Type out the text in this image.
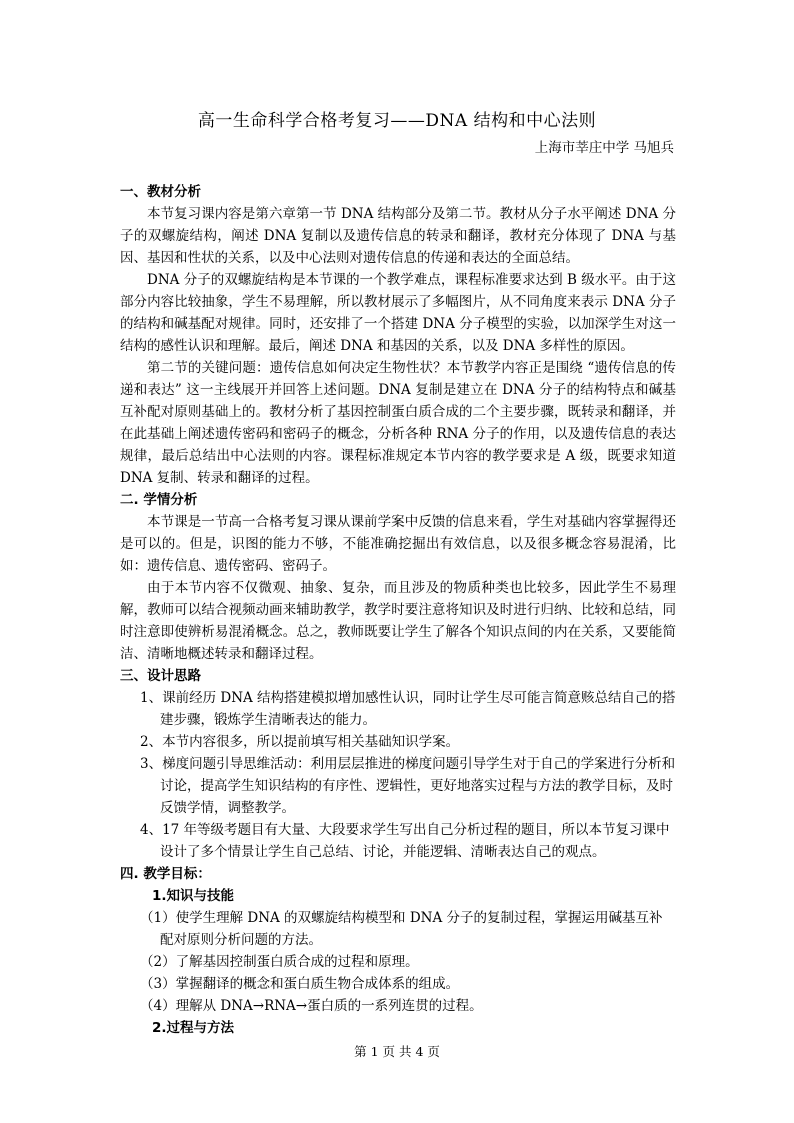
高一生命科学合格考复习——DNA 结构和中心法则
上海市莘庄中学 马旭兵
一、教材分析
本节复习课内容是第六章第一节 DNA 结构部分及第二节。教材从分子水平阐述 DNA 分子的双螺旋结构，阐述 DNA 复制以及遗传信息的转录和翻译，教材充分体现了 DNA 与基因、基因和性状的关系，以及中心法则对遗传信息的传递和表达的全面总结。
DNA 分子的双螺旋结构是本节课的一个教学难点，课程标准要求达到 B 级水平。由于这部分内容比较抽象，学生不易理解，所以教材展示了多幅图片，从不同角度来表示 DNA 分子的结构和碱基配对规律。同时，还安排了一个搭建 DNA 分子模型的实验，以加深学生对这一结构的感性认识和理解。最后，阐述 DNA 和基因的关系，以及 DNA 多样性的原因。
第二节的关键问题：遗传信息如何决定生物性状？本节教学内容正是围绕 “遗传信息的传递和表达” 这一主线展开并回答上述问题。DNA 复制是建立在 DNA 分子的结构特点和碱基互补配对原则基础上的。教材分析了基因控制蛋白质合成的二个主要步骤，既转录和翻译，并在此基础上阐述遗传密码和密码子的概念，分析各种 RNA 分子的作用，以及遗传信息的表达规律，最后总结出中心法则的内容。课程标准规定本节内容的教学要求是 A 级，既要求知道 DNA 复制、转录和翻译的过程。
二. 学情分析
本节课是一节高一合格考复习课从课前学案中反馈的信息来看，学生对基础内容掌握得还是可以的。但是，识图的能力不够，不能准确挖掘出有效信息，以及很多概念容易混淆，比如：遗传信息、遗传密码、密码子。
由于本节内容不仅微观、抽象、复杂，而且涉及的物质种类也比较多，因此学生不易理解，教师可以结合视频动画来辅助教学，教学时要注意将知识及时进行归纳、比较和总结，同时注意即使辨析易混淆概念。总之，教师既要让学生了解各个知识点间的内在关系，又要能简洁、清晰地概述转录和翻译过程。
三、设计思路
1、课前经历 DNA 结构搭建模拟增加感性认识，同时让学生尽可能言简意赅总结自己的搭建步骤，锻炼学生清晰表达的能力。
2、本节内容很多，所以提前填写相关基础知识学案。
3、梯度问题引导思维活动：利用层层推进的梯度问题引导学生对于自己的学案进行分析和讨论，提高学生知识结构的有序性、逻辑性，更好地落实过程与方法的教学目标，及时反馈学情，调整教学。
4、17 年等级考题目有大量、大段要求学生写出自己分析过程的题目，所以本节复习课中设计了多个情景让学生自己总结、讨论，并能逻辑、清晰表达自己的观点。
四. 教学目标：
1.知识与技能
（1）使学生理解 DNA 的双螺旋结构模型和 DNA 分子的复制过程，掌握运用碱基互补配对原则分析问题的方法。
（2）了解基因控制蛋白质合成的过程和原理。
（3）掌握翻译的概念和蛋白质生物合成体系的组成。
（4）理解从 DNA→RNA→蛋白质的一系列连贯的过程。
2.过程与方法
第 1 页 共 4 页
